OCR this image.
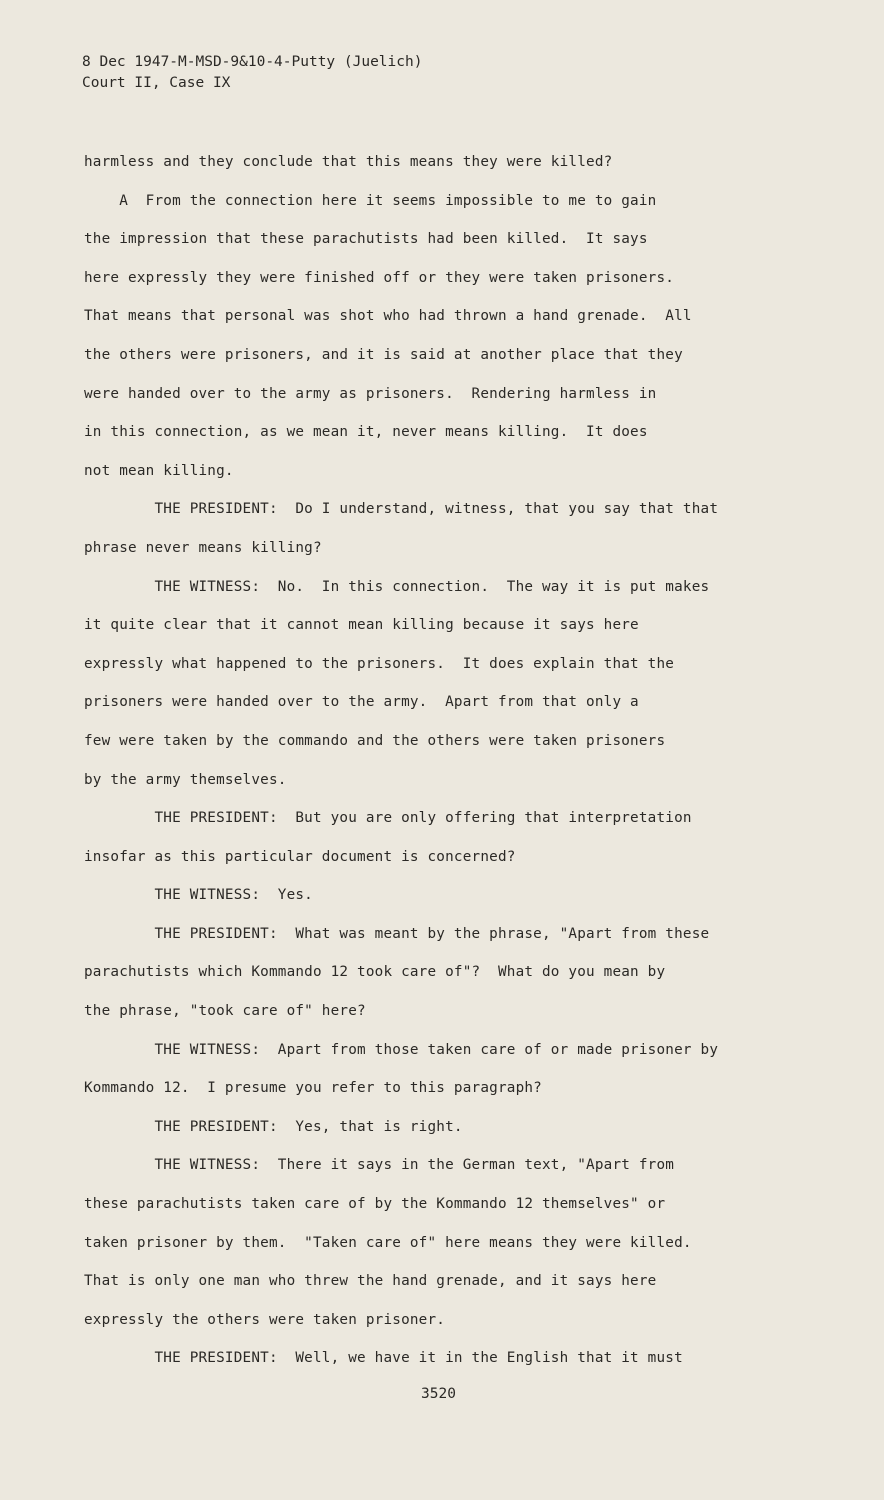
8 Dec 1947-M-MSD-9&10-4-Putty (Juelich)
Court II, Case IX
harmless and they conclude that this means they were killed?
A  From the connection here it seems impossible to me to gain
the impression that these parachutists had been killed.  It says
here expressly they were finished off or they were taken prisoners.
That means that personal was shot who had thrown a hand grenade.  All
the others were prisoners, and it is said at another place that they
were handed over to the army as prisoners.  Rendering harmless in
in this connection, as we mean it, never means killing.  It does
not mean killing.
THE PRESIDENT:  Do I understand, witness, that you say that that
phrase never means killing?
THE WITNESS:  No.  In this connection.  The way it is put makes
it quite clear that it cannot mean killing because it says here
expressly what happened to the prisoners.  It does explain that the
prisoners were handed over to the army.  Apart from that only a
few were taken by the commando and the others were taken prisoners
by the army themselves.
THE PRESIDENT:  But you are only offering that interpretation
insofar as this particular document is concerned?
THE WITNESS:  Yes.
THE PRESIDENT:  What was meant by the phrase, "Apart from these
parachutists which Kommando 12 took care of"?  What do you mean by
the phrase, "took care of" here?
THE WITNESS:  Apart from those taken care of or made prisoner by
Kommando 12.  I presume you refer to this paragraph?
THE PRESIDENT:  Yes, that is right.
THE WITNESS:  There it says in the German text, "Apart from
these parachutists taken care of by the Kommando 12 themselves" or
taken prisoner by them.  "Taken care of" here means they were killed.
That is only one man who threw the hand grenade, and it says here
expressly the others were taken prisoner.
THE PRESIDENT:  Well, we have it in the English that it must
3520
